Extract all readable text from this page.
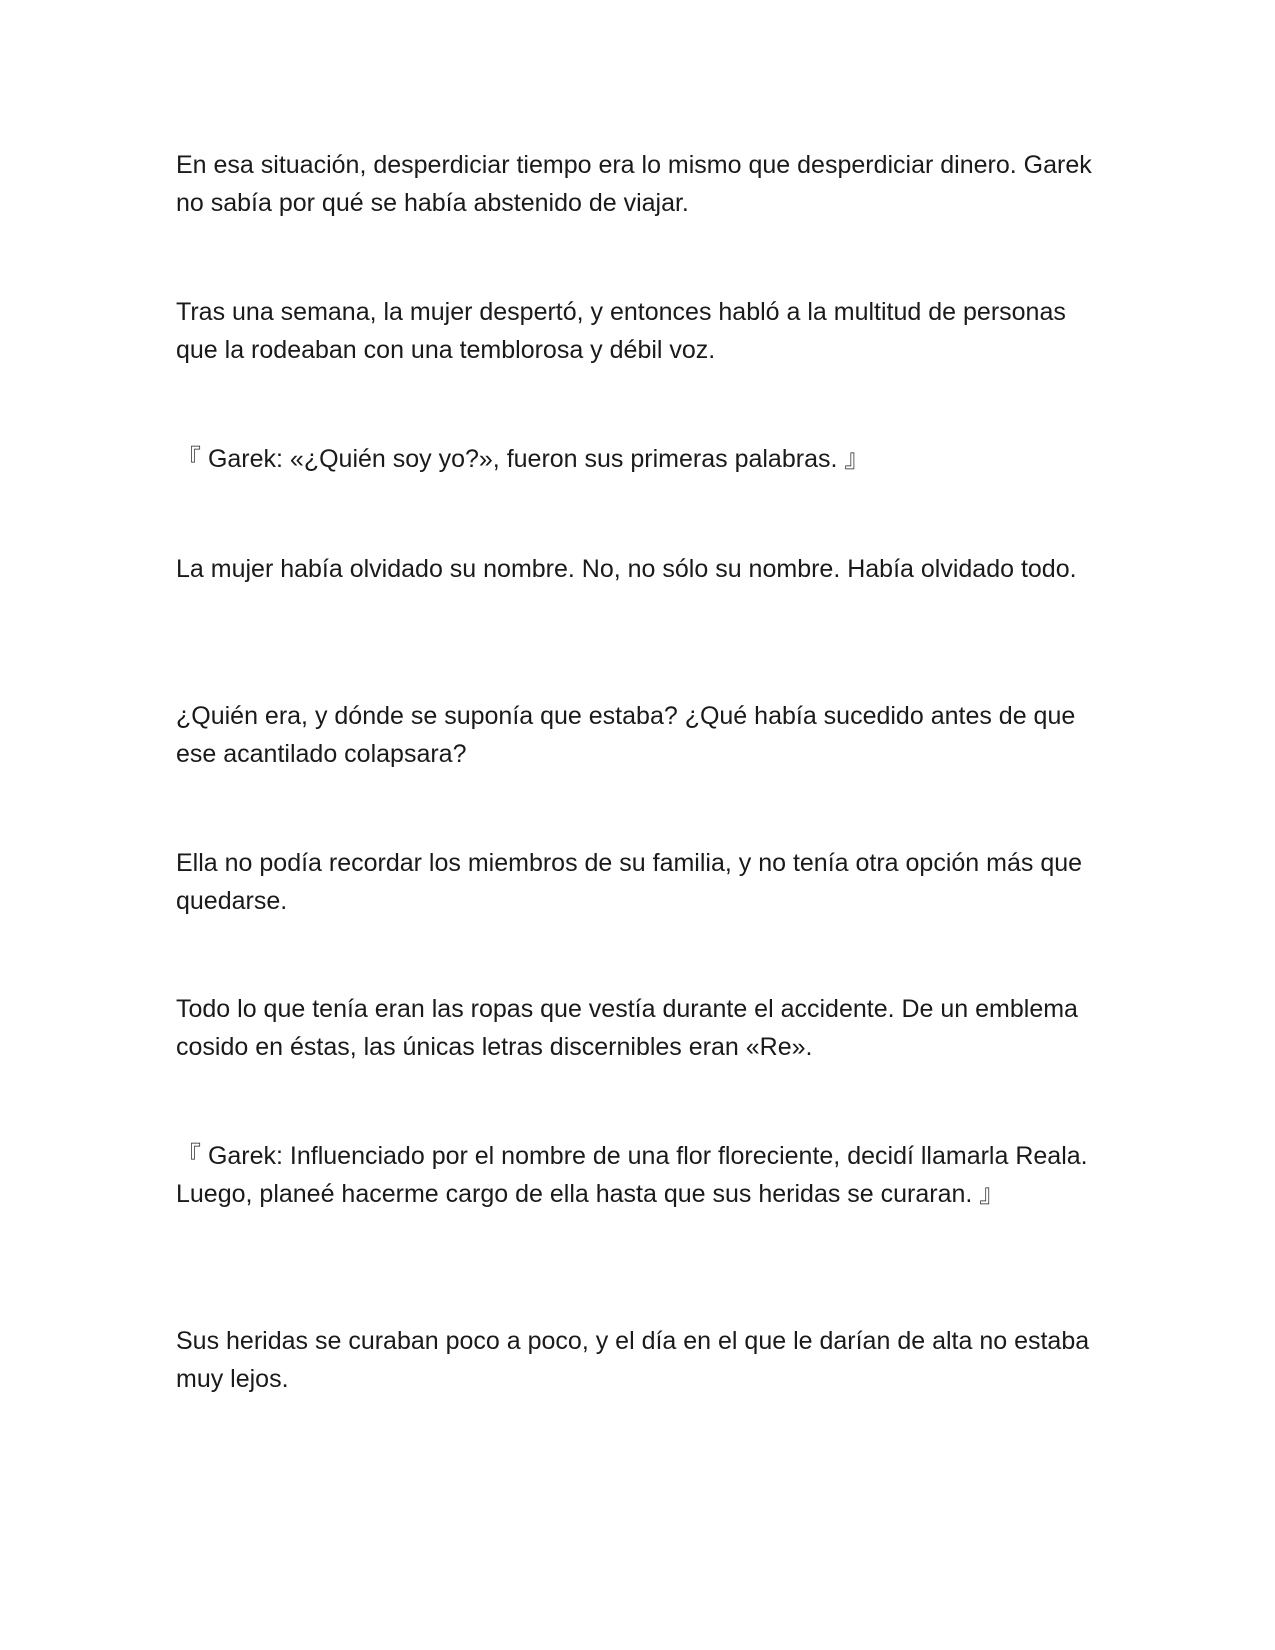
En esa situación, desperdiciar tiempo era lo mismo que desperdiciar dinero. Garek no sabía por qué se había abstenido de viajar.

Tras una semana, la mujer despertó, y entonces habló a la multitud de personas que la rodeaban con una temblorosa y débil voz.

『 Garek: «¿Quién soy yo?», fueron sus primeras palabras. 』

La mujer había olvidado su nombre. No, no sólo su nombre. Había olvidado todo.

¿Quién era, y dónde se suponía que estaba? ¿Qué había sucedido antes de que ese acantilado colapsara?

Ella no podía recordar los miembros de su familia, y no tenía otra opción más que quedarse.

Todo lo que tenía eran las ropas que vestía durante el accidente. De un emblema cosido en éstas, las únicas letras discernibles eran «Re».

『 Garek: Influenciado por el nombre de una flor floreciente, decidí llamarla Reala. Luego, planeé hacerme cargo de ella hasta que sus heridas se curaran. 』

Sus heridas se curaban poco a poco, y el día en el que le darían de alta no estaba muy lejos.
